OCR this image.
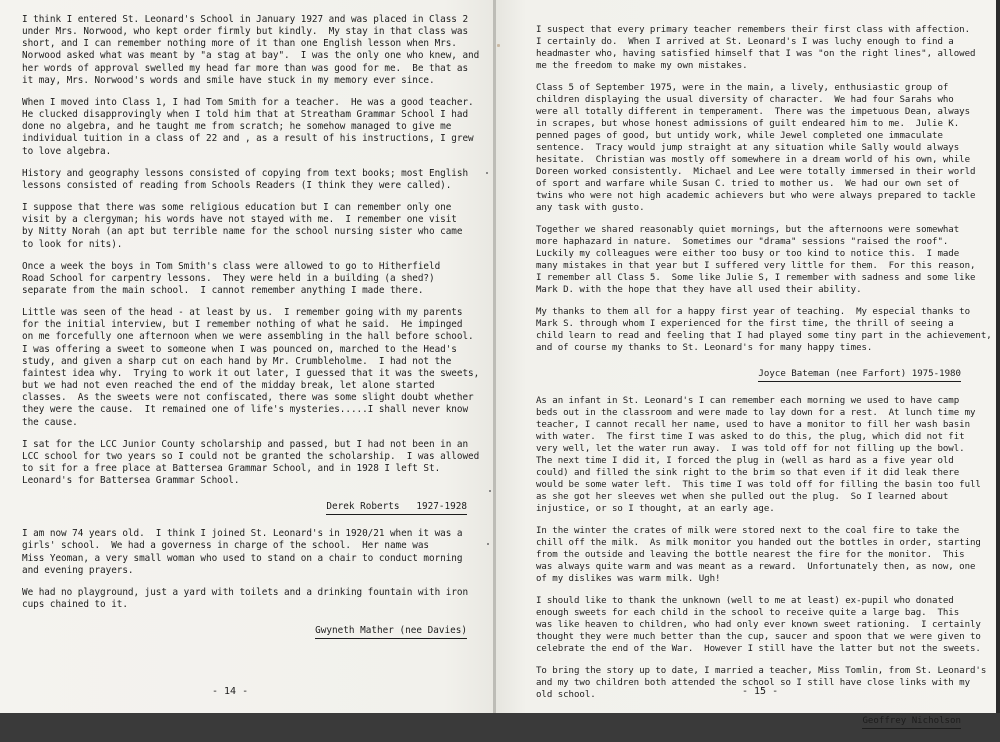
I think I entered St. Leonard's School in January 1927 and was placed in Class 2
under Mrs. Norwood, who kept order firmly but kindly.  My stay in that class was
short, and I can remember nothing more of it than one English lesson when Mrs.
Norwood asked what was meant by "a stag at bay".  I was the only one who knew, and
her words of approval swelled my head far more than was good for me.  Be that as
it may, Mrs. Norwood's words and smile have stuck in my memory ever since.

When I moved into Class 1, I had Tom Smith for a teacher.  He was a good teacher.
He clucked disapprovingly when I told him that at Streatham Grammar School I had
done no algebra, and he taught me from scratch; he somehow managed to give me
individual tuition in a class of 22 and , as a result of his instructions, I grew
to love algebra.

History and geography lessons consisted of copying from text books; most English
lessons consisted of reading from Schools Readers (I think they were called).

I suppose that there was some religious education but I can remember only one
visit by a clergyman; his words have not stayed with me.  I remember one visit
by Nitty Norah (an apt but terrible name for the school nursing sister who came
to look for nits).

Once a week the boys in Tom Smith's class were allowed to go to Hitherfield
Road School for carpentry lessons.  They were held in a building (a shed?)
separate from the main school.  I cannot remember anything I made there.

Little was seen of the head - at least by us.  I remember going with my parents
for the initial interview, but I remember nothing of what he said.  He impinged
on me forcefully one afternoon when we were assembling in the hall before school.
I was offering a sweet to someone when I was pounced on, marched to the Head's
study, and given a sharp cut on each hand by Mr. Crumbleholme.  I had not the
faintest idea why.  Trying to work it out later, I guessed that it was the sweets,
but we had not even reached the end of the midday break, let alone started
classes.  As the sweets were not confiscated, there was some slight doubt whether
they were the cause.  It remained one of life's mysteries.....I shall never know
the cause.

I sat for the LCC Junior County scholarship and passed, but I had not been in an
LCC school for two years so I could not be granted the scholarship.  I was allowed
to sit for a free place at Battersea Grammar School, and in 1928 I left St.
Leonard's for Battersea Grammar School.

Derek Roberts   1927-1928

I am now 74 years old.  I think I joined St. Leonard's in 1920/21 when it was a
girls' school.  We had a governess in charge of the school.  Her name was
Miss Yeoman, a very small woman who used to stand on a chair to conduct morning
and evening prayers.

We had no playground, just a yard with toilets and a drinking fountain with iron
cups chained to it.

Gwyneth Mather (nee Davies)
- 14 -

I suspect that every primary teacher remembers their first class with affection.
I certainly do.  When I arrived at St. Leonard's I was luchy enough to find a
headmaster who, having satisfied himself that I was "on the right lines", allowed
me the freedom to make my own mistakes.

Class 5 of September 1975, were in the main, a lively, enthusiastic group of
children displaying the usual diversity of character.  We had four Sarahs who
were all totally different in temperament.  There was the impetuous Dean, always
in scrapes, but whose honest admissions of guilt endeared him to me.  Julie K.
penned pages of good, but untidy work, while Jewel completed one immaculate
sentence.  Tracy would jump straight at any situation while Sally would always
hesitate.  Christian was mostly off somewhere in a dream world of his own, while
Doreen worked consistently.  Michael and Lee were totally immersed in their world
of sport and warfare while Susan C. tried to mother us.  We had our own set of
twins who were not high academic achievers but who were always prepared to tackle
any task with gusto.

Together we shared reasonably quiet mornings, but the afternoons were somewhat
more haphazard in nature.  Sometimes our "drama" sessions "raised the roof".
Luckily my colleagues were either too busy or too kind to notice this.  I made
many mistakes in that year but I suffered very little for them.  For this reason,
I remember all Class 5.  Some like Julie S, I remember with sadness and some like
Mark D. with the hope that they have all used their ability.

My thanks to them all for a happy first year of teaching.  My especial thanks to
Mark S. through whom I experienced for the first time, the thrill of seeing a
child learn to read and feeling that I had played some tiny part in the achievement,
and of course my thanks to St. Leonard's for many happy times.

Joyce Bateman (nee Farfort) 1975-1980

As an infant in St. Leonard's I can remember each morning we used to have camp
beds out in the classroom and were made to lay down for a rest.  At lunch time my
teacher, I cannot recall her name, used to have a monitor to fill her wash basin
with water.  The first time I was asked to do this, the plug, which did not fit
very well, let the water run away.  I was told off for not filling up the bowl.
The next time I did it, I forced the plug in (well as hard as a five year old
could) and filled the sink right to the brim so that even if it did leak there
would be some water left.  This time I was told off for filling the basin too full
as she got her sleeves wet when she pulled out the plug.  So I learned about
injustice, or so I thought, at an early age.

In the winter the crates of milk were stored next to the coal fire to take the
chill off the milk.  As milk monitor you handed out the bottles in order, starting
from the outside and leaving the bottle nearest the fire for the monitor.  This
was always quite warm and was meant as a reward.  Unfortunately then, as now, one
of my dislikes was warm milk. Ugh!

I should like to thank the unknown (well to me at least) ex-pupil who donated
enough sweets for each child in the school to receive quite a large bag.  This
was like heaven to children, who had only ever known sweet rationing.  I certainly
thought they were much better than the cup, saucer and spoon that we were given to
celebrate the end of the War.  However I still have the latter but not the sweets.

To bring the story up to date, I married a teacher, Miss Tomlin, from St. Leonard's
and my two children both attended the school so I still have close links with my
old school.

Geoffrey Nicholson
- 15 -
